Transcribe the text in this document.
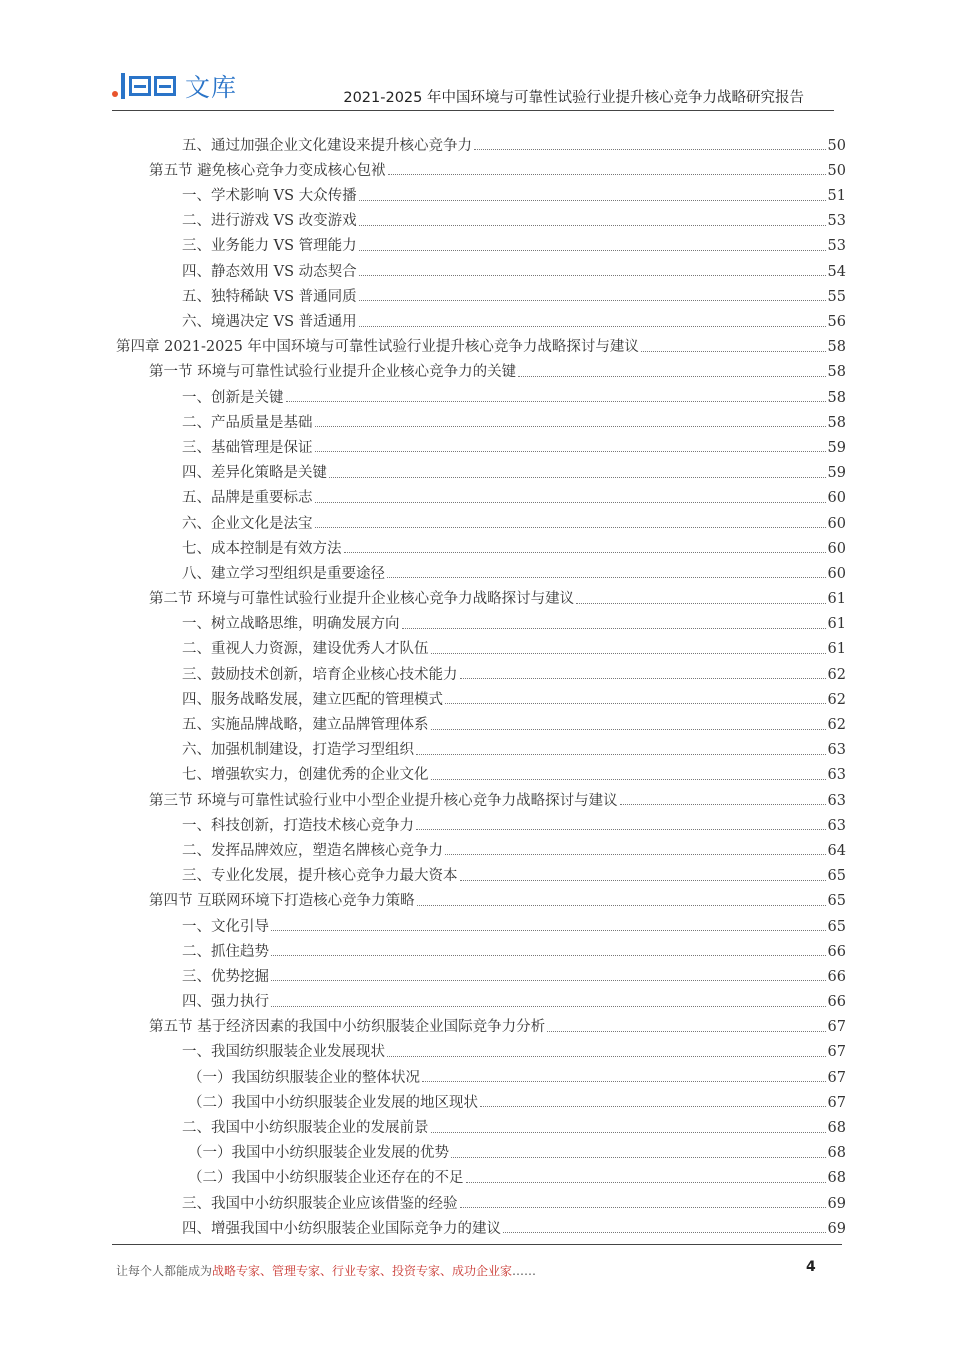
文库	2021-2025 年中国环境与可靠性试验行业提升核心竞争力战略研究报告
五、通过加强企业文化建设来提升核心竞争力	50
第五节 避免核心竞争力变成核心包袱	50
一、学术影响 VS 大众传播	51
二、进行游戏 VS 改变游戏	53
三、业务能力 VS 管理能力	53
四、静态效用 VS 动态契合	54
五、独特稀缺 VS 普通同质	55
六、境遇决定 VS 普适通用	56
第四章 2021-2025 年中国环境与可靠性试验行业提升核心竞争力战略探讨与建议	58
第一节 环境与可靠性试验行业提升企业核心竞争力的关键	58
一、创新是关键	58
二、产品质量是基础	58
三、基础管理是保证	59
四、差异化策略是关键	59
五、品牌是重要标志	60
六、企业文化是法宝	60
七、成本控制是有效方法	60
八、建立学习型组织是重要途径	60
第二节 环境与可靠性试验行业提升企业核心竞争力战略探讨与建议	61
一、树立战略思维，明确发展方向	61
二、重视人力资源，建设优秀人才队伍	61
三、鼓励技术创新，培育企业核心技术能力	62
四、服务战略发展，建立匹配的管理模式	62
五、实施品牌战略，建立品牌管理体系	62
六、加强机制建设，打造学习型组织	63
七、增强软实力，创建优秀的企业文化	63
第三节 环境与可靠性试验行业中小型企业提升核心竞争力战略探讨与建议	63
一、科技创新，打造技术核心竞争力	63
二、发挥品牌效应，塑造名牌核心竞争力	64
三、专业化发展，提升核心竞争力最大资本	65
第四节 互联网环境下打造核心竞争力策略	65
一、文化引导	65
二、抓住趋势	66
三、优势挖掘	66
四、强力执行	66
第五节 基于经济因素的我国中小纺织服装企业国际竞争力分析	67
一、我国纺织服装企业发展现状	67
（一）我国纺织服装企业的整体状况	67
（二）我国中小纺织服装企业发展的地区现状	67
二、我国中小纺织服装企业的发展前景	68
（一）我国中小纺织服装企业发展的优势	68
（二）我国中小纺织服装企业还存在的不足	68
三、我国中小纺织服装企业应该借鉴的经验	69
四、增强我国中小纺织服装企业国际竞争力的建议	69
让每个人都能成为战略专家、管理专家、行业专家、投资专家、成功企业家……	4
